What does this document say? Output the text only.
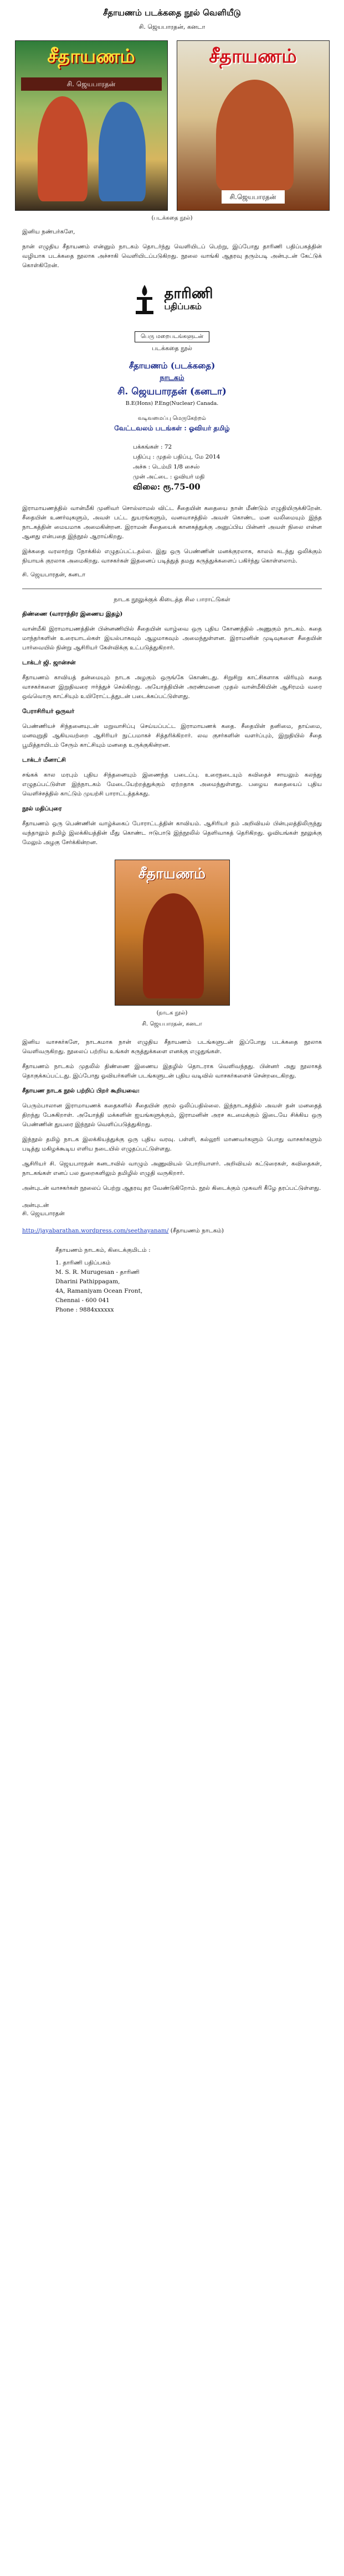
சீதாயணம் படக்கதை நூல் வெளியீடு

சி. ஜெயபாரதன், கனடா

சீதாயணம்
சி. ஜெயபாரதன்
சீதாயணம்
சி.ஜெயபாரதன்
(படக்கதை நூல்)

இனிய நண்பர்களே,

நான் எழுதிய சீதாயணம் என்னும் நாடகம் தொடர்ந்து வெளியிடப் பெற்று, இப்போது தாரிணி பதிப்பகத்தின் வழியாக படக்கதை நூலாக அச்சாகி வெளியிடப்படுகிறது. நூலை வாங்கி ஆதரவு தரும்படி அன்புடன் கேட்டுக் கொள்கிறேன்.

தாரிணி
பதிப்பகம்
பெரு மறைபடங்களுடன்
படக்கதை நூல்
சீதாயணம் (படக்கதை)
நாடகம்
சி. ஜெயபாரதன் (கனடா)
B.E(Hons) P.Eng(Nuclear) Canada.
வடிவமைப்பு மெருகேற்றம்
வேட்டவலம் படங்கள் : ஓவியர் தமிழ்
பக்கங்கள் : 72
பதிப்பு : முதல் பதிப்பு, மே 2014
அச்சு : டெம்மி 1/8 சைஸ்
முன் அட்டை : ஓவியர் மதி
விலை: ரூ.75-00

இராமாயணத்தில் வான்மீகி முனிவர் சொல்லாமல் விட்ட சீதையின் கதையை நான் மீண்டும் எழுதியிருக்கிறேன். சீதையின் உணர்வுகளும், அவள் பட்ட துயரங்களும், வனவாசத்தில் அவள் கொண்ட மன வலிமையும் இந்த நாடகத்தின் மையமாக அமைகின்றன. இராமன் சீதையைக் கானகத்துக்கு அனுப்பிய பின்னர் அவள் நிலை என்ன ஆனது என்பதை இந்நூல் ஆராய்கிறது.

இக்கதை வரலாற்று நோக்கில் எழுதப்பட்டதல்ல. இது ஒரு பெண்ணின் மனக்குரலாக, காலம் கடந்து ஒலிக்கும் நியாயக் குரலாக அமைகிறது. வாசகர்கள் இதனைப் படித்துத் தமது கருத்துக்களைப் பகிர்ந்து கொள்ளலாம்.

சி. ஜெயபாரதன், கனடா

நாடக நூலுக்குக் கிடைத்த சில பாராட்டுகள்

திண்ணை (வாராந்திர இணைய இதழ்)

வான்மீகி இராமாயணத்தின் பின்னணியில் சீதையின் வாழ்வை ஒரு புதிய கோணத்தில் அணுகும் நாடகம். கதை மாந்தர்களின் உரையாடல்கள் இயல்பாகவும் ஆழமாகவும் அமைந்துள்ளன. இராமனின் முடிவுகளை சீதையின் பார்வையில் நின்று ஆசிரியர் கேள்விக்கு உட்படுத்துகிறார்.

டாக்டர் ஜி. ஜான்சன்

சீதாயணம் காவியத் தன்மையும் நாடக அழகும் ஒருங்கே கொண்டது. சிறுசிறு காட்சிகளாக விரியும் கதை வாசகர்களை இறுதிவரை ஈர்த்துச் செல்கிறது. அயோத்தியின் அரண்மனை முதல் வான்மீகியின் ஆசிரமம் வரை ஒவ்வொரு காட்சியும் உயிரோட்டத்துடன் படைக்கப்பட்டுள்ளது.

பேராசிரியர் ஒருவர்

பெண்ணியச் சிந்தனையுடன் மறுவாசிப்பு செய்யப்பட்ட இராமாயணக் கதை. சீதையின் தனிமை, தாய்மை, மனவுறுதி ஆகியவற்றை ஆசிரியர் நுட்பமாகச் சித்தரிக்கிறார். லவ குசர்களின் வளர்ப்பும், இறுதியில் சீதை பூமித்தாயிடம் சேரும் காட்சியும் மனதை உருக்குகின்றன.

டாக்டர் மீனாட்சி

சங்கக் கால மரபும் புதிய சிந்தனையும் இணைந்த படைப்பு. உரைநடையும் கவிதைச் சாயலும் கலந்து எழுதப்பட்டுள்ள இந்நாடகம் மேடையேற்றத்துக்கும் ஏற்றதாக அமைந்துள்ளது. பழைய கதையைப் புதிய வெளிச்சத்தில் காட்டும் முயற்சி பாராட்டத்தக்கது.

நூல் மதிப்புரை

சீதாயணம் ஒரு பெண்ணின் வாழ்க்கைப் போராட்டத்தின் காவியம். ஆசிரியர் தம் அறிவியல் பின்புலத்திலிருந்து வந்தாலும் தமிழ் இலக்கியத்தின் மீது கொண்ட ஈடுபாடு இந்நூலில் தெளிவாகத் தெரிகிறது. ஓவியங்கள் நூலுக்கு மேலும் அழகு சேர்க்கின்றன.

சீதாயணம்
(நாடக நூல்)
சி. ஜெயபாரதன், கனடா

இனிய வாசகர்களே, நாடகமாக நான் எழுதிய சீதாயணம் படங்களுடன் இப்போது படக்கதை நூலாக வெளிவருகிறது. நூலைப் பற்றிய உங்கள் கருத்துக்களை எனக்கு எழுதுங்கள்.

சீதாயணம் நாடகம் முதலில் திண்ணை இணைய இதழில் தொடராக வெளிவந்தது. பின்னர் அது நூலாகத் தொகுக்கப்பட்டது. இப்போது ஓவியர்களின் படங்களுடன் புதிய வடிவில் வாசகர்களைச் சென்றடைகிறது.

சீதாயண நாடக நூல் பற்றிப் பிறர் கூறியவை:

பெரும்பாலான இராமாயணக் கதைகளில் சீதையின் குரல் ஒலிப்பதில்லை. இந்நாடகத்தில் அவள் தன் மனதைத் திறந்து பேசுகிறாள். அயோத்தி மக்களின் ஐயங்களுக்கும், இராமனின் அரச கடமைக்கும் இடையே சிக்கிய ஒரு பெண்ணின் துயரை இந்நூல் வெளிப்படுத்துகிறது.

இந்நூல் தமிழ் நாடக இலக்கியத்துக்கு ஒரு புதிய வரவு. பள்ளி, கல்லூரி மாணவர்களும் பொது வாசகர்களும் படித்து மகிழக்கூடிய எளிய நடையில் எழுதப்பட்டுள்ளது.

ஆசிரியர் சி. ஜெயபாரதன் கனடாவில் வாழும் அணுவியல் பொறியாளர். அறிவியல் கட்டுரைகள், கவிதைகள், நாடகங்கள் எனப் பல துறைகளிலும் தமிழில் எழுதி வருகிறார்.

அன்புடன் வாசகர்கள் நூலைப் பெற்று ஆதரவு தர வேண்டுகிறோம். நூல் கிடைக்கும் முகவரி கீழே தரப்பட்டுள்ளது.

அன்புடன்

சி. ஜெயபாரதன்

http://jayabarathan.wordpress.com/seethayanam/ (சீதாயணம் நாடகம்)

சீதாயணம் நாடகம், கிடைக்குமிடம் :
1. தாரிணி பதிப்பகம்
M. S. R. Murugesan - தாரிணி
Dharini Pathippagam,
4A, Ramaniyam Ocean Front,
Chennai - 600 041
Phone : 9884xxxxxx
